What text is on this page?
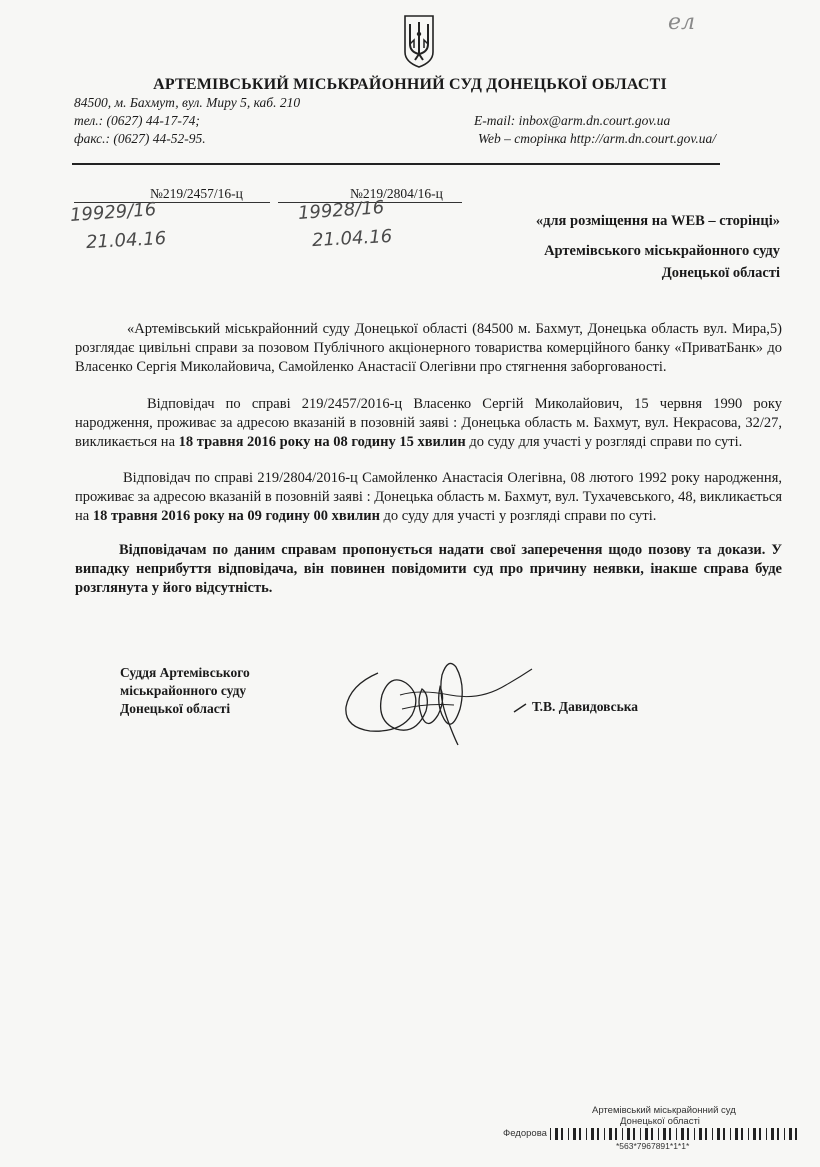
ел
АРТЕМІВСЬКИЙ МІСЬКРАЙОННИЙ СУД ДОНЕЦЬКОЇ ОБЛАСТІ
84500, м. Бахмут, вул. Миру 5, каб. 210
тел.: (0627) 44-17-74;
факс.: (0627) 44-52-95.
E-mail: inbox@arm.dn.court.gov.ua
Web – сторінка http://arm.dn.court.gov.ua/
№219/2457/16-ц
19929/16
21.04.16
№219/2804/16-ц
19928/16
21.04.16
«для розміщення на WEB – сторінці»
Артемівського міськрайонного суду
Донецької області
«Артемівський міськрайонний суду Донецької області (84500 м. Бахмут, Донецька область вул. Мира,5) розглядає цивільні справи за позовом Публічного акціонерного товариства комерційного банку «ПриватБанк» до Власенко Сергія Миколайовича, Самойленко Анастасії Олегівни про стягнення заборгованості.
Відповідач по справі 219/2457/2016-ц Власенко Сергій Миколайович, 15 червня 1990 року народження, проживає за адресою вказаній в позовній заяві : Донецька область м. Бахмут, вул. Некрасова, 32/27, викликається на 18 травня 2016 року на 08 годину 15 хвилин до суду для участі у розгляді справи по суті.
Відповідач по справі 219/2804/2016-ц Самойленко Анастасія Олегівна, 08 лютого 1992 року народження, проживає за адресою вказаній в позовній заяві : Донецька область м. Бахмут, вул. Тухачевського, 48, викликається на 18 травня 2016 року на 09 годину 00 хвилин до суду для участі у розгляді справи по суті.
Відповідачам по даним справам пропонується надати свої заперечення щодо позову та докази. У випадку неприбуття відповідача, він повинен повідомити суд про причину неявки, інакше справа буде розглянута у його відсутність.
Суддя Артемівського
міськрайонного суду
Донецької області	Т.В. Давидовська
Артемівський міськрайонний суд
Донецької області
Федорова
*563*7967891*1*1*
